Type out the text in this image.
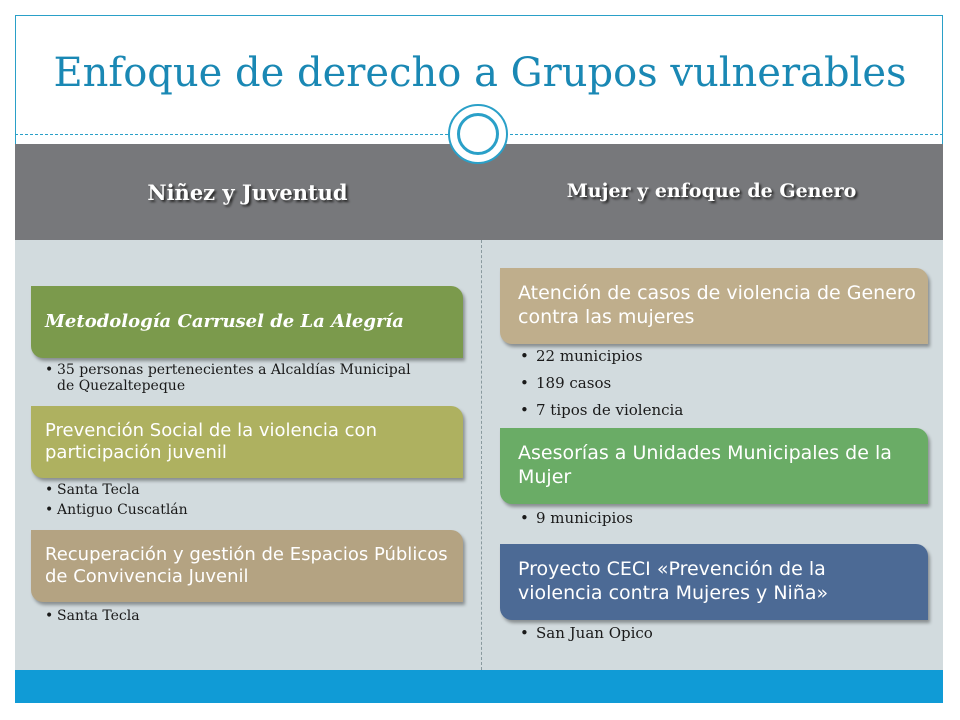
Enfoque de derecho a Grupos vulnerables
Niñez y Juventud	Mujer y enfoque de Genero
Metodología Carrusel de La Alegría
• 35 personas pertenecientes a Alcaldías Municipal de Quezaltepeque
Prevención Social de la violencia con participación juvenil
• Santa Tecla
• Antiguo Cuscatlán
Recuperación y gestión de Espacios Públicos de Convivencia Juvenil
• Santa Tecla
Atención de casos de violencia de Genero contra las mujeres
• 22 municipios
• 189 casos
• 7 tipos de violencia
Asesorías a Unidades Municipales de la Mujer
• 9 municipios
Proyecto CECI «Prevención de la violencia contra Mujeres y Niña»
• San Juan Opico
